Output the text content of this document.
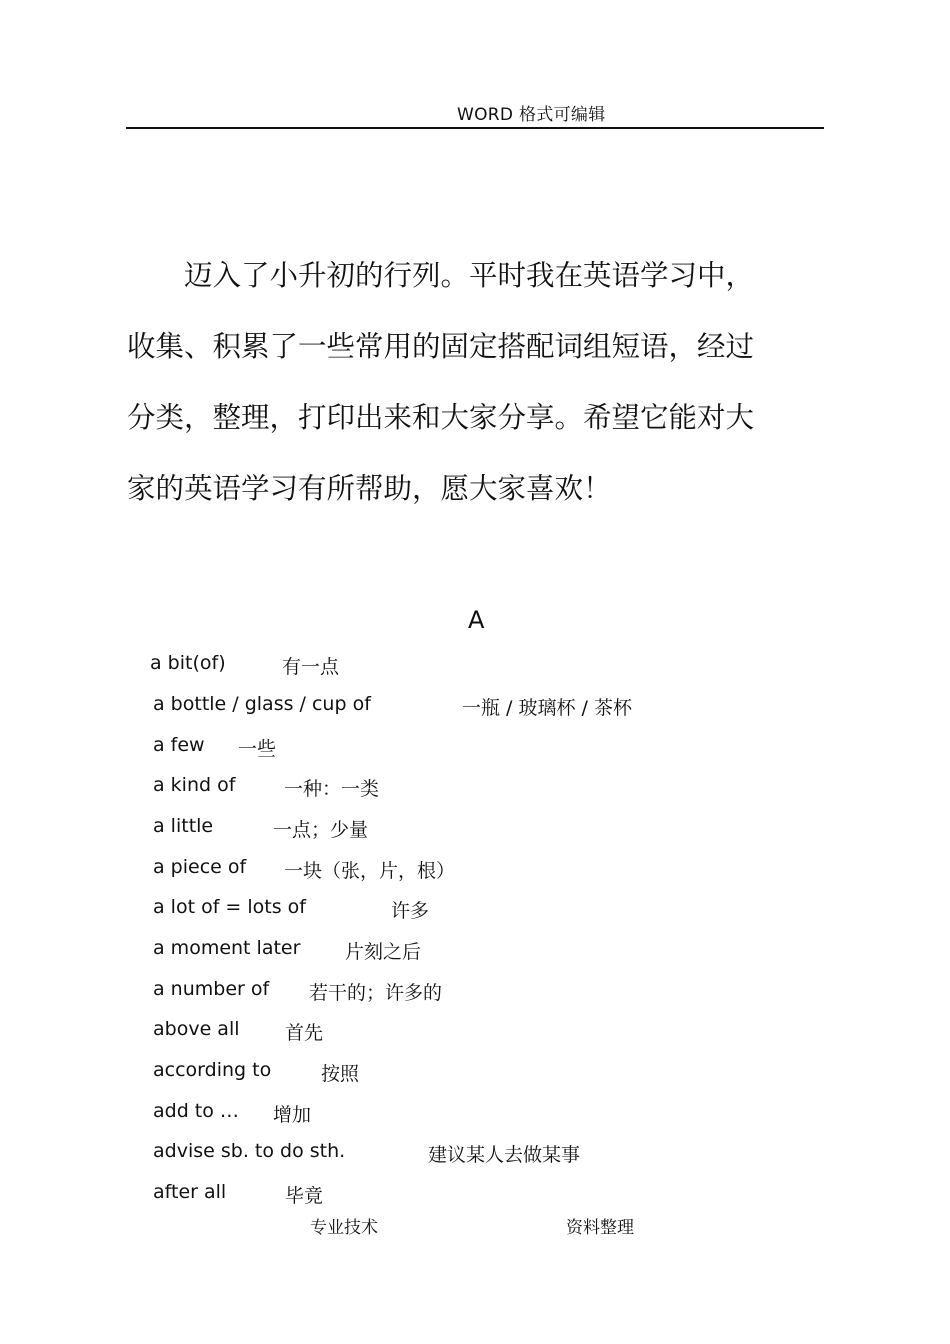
WORD 格式可编辑

　　迈入了小升初的行列。平时我在英语学习中，

收集、积累了一些常用的固定搭配词组短语，经过

分类，整理，打印出来和大家分享。希望它能对大

家的英语学习有所帮助，愿大家喜欢！

A
a bit(of)	有一点
a bottle / glass / cup of	一瓶 / 玻璃杯 / 茶杯
a few 一些
a kind of	一种：一类
a little	一点；少量
a piece of 一块（张，片，根）
a lot of = lots of	许多
a moment later 片刻之后
a number of 若干的；许多的
above all 首先
according to	按照
add to … 增加
advise sb. to do sth.	建议某人去做某事
after all	毕竟
专业技术	资料整理
